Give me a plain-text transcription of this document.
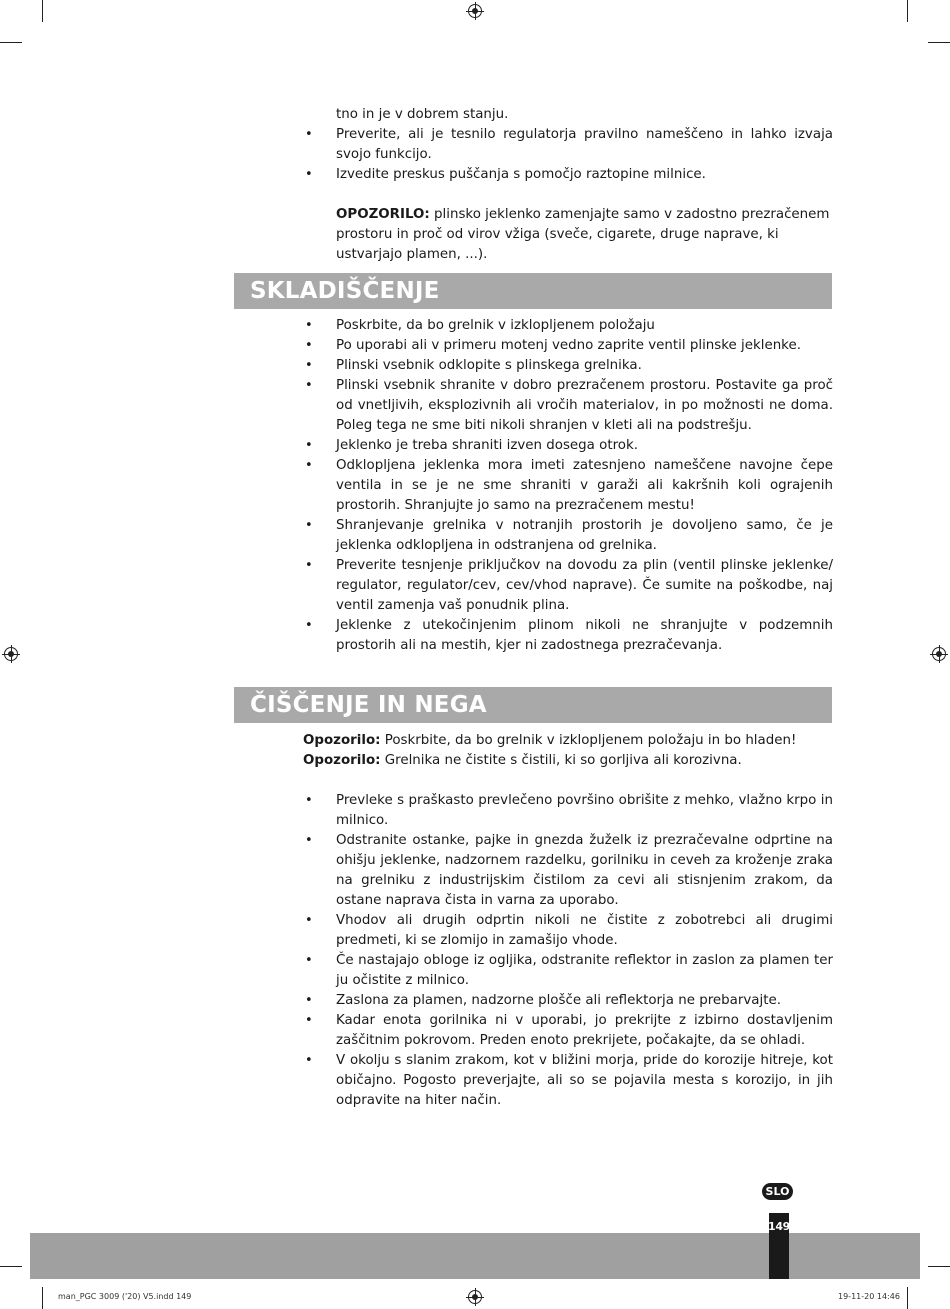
tno in je v dobrem stanju.
• Preverite, ali je tesnilo regulatorja pravilno nameščeno in lahko izvaja svojo funkcijo.
• Izvedite preskus puščanja s pomočjo raztopine milnice.
OPOZORILO: plinsko jeklenko zamenjajte samo v zadostno prezračenem prostoru in proč od virov vžiga (sveče, cigarete, druge naprave, ki ustvarjajo plamen, ...).
SKLADIŠČENJE
• Poskrbite, da bo grelnik v izklopljenem položaju
• Po uporabi ali v primeru motenj vedno zaprite ventil plinske jeklenke.
• Plinski vsebnik odklopite s plinskega grelnika.
• Plinski vsebnik shranite v dobro prezračenem prostoru. Postavite ga proč od vnetljivih, eksplozivnih ali vročih materialov, in po možnosti ne doma. Poleg tega ne sme biti nikoli shranjen v kleti ali na podstrešju.
• Jeklenko je treba shraniti izven dosega otrok.
• Odklopljena jeklenka mora imeti zatesnjeno nameščene navojne čepe ventila in se je ne sme shraniti v garaži ali kakršnih koli ograjenih prostorih. Shranjujte jo samo na prezračenem mestu!
• Shranjevanje grelnika v notranjih prostorih je dovoljeno samo, če je jeklenka odklopljena in odstranjena od grelnika.
• Preverite tesnjenje priključkov na dovodu za plin (ventil plinske jeklenke/ regulator, regulator/cev, cev/vhod naprave). Če sumite na poškodbe, naj ventil zamenja vaš ponudnik plina.
• Jeklenke z utekočinjenim plinom nikoli ne shranjujte v podzemnih prostorih ali na mestih, kjer ni zadostnega prezračevanja.
ČIŠČENJE IN NEGA
Opozorilo: Poskrbite, da bo grelnik v izklopljenem položaju in bo hladen!
Opozorilo: Grelnika ne čistite s čistili, ki so gorljiva ali korozivna.
• Prevleke s praškasto prevlečeno površino obrišite z mehko, vlažno krpo in milnico.
• Odstranite ostanke, pajke in gnezda žuželk iz prezračevalne odprtine na ohišju jeklenke, nadzornem razdelku, gorilniku in ceveh za kroženje zraka na grelniku z industrijskim čistilom za cevi ali stisnjenim zrakom, da ostane naprava čista in varna za uporabo.
• Vhodov ali drugih odprtin nikoli ne čistite z zobotrebci ali drugimi predmeti, ki se zlomijo in zamašijo vhode.
• Če nastajajo obloge iz ogljika, odstranite reflektor in zaslon za plamen ter ju očistite z milnico.
• Zaslona za plamen, nadzorne plošče ali reflektorja ne prebarvajte.
• Kadar enota gorilnika ni v uporabi, jo prekrijte z izbirno dostavljenim zaščitnim pokrovom. Preden enoto prekrijete, počakajte, da se ohladi.
• V okolju s slanim zrakom, kot v bližini morja, pride do korozije hitreje, kot običajno. Pogosto preverjajte, ali so se pojavila mesta s korozijo, in jih odpravite na hiter način.
SLO
149
man_PGC 3009 ('20) V5.indd 149	19-11-20 14:46
